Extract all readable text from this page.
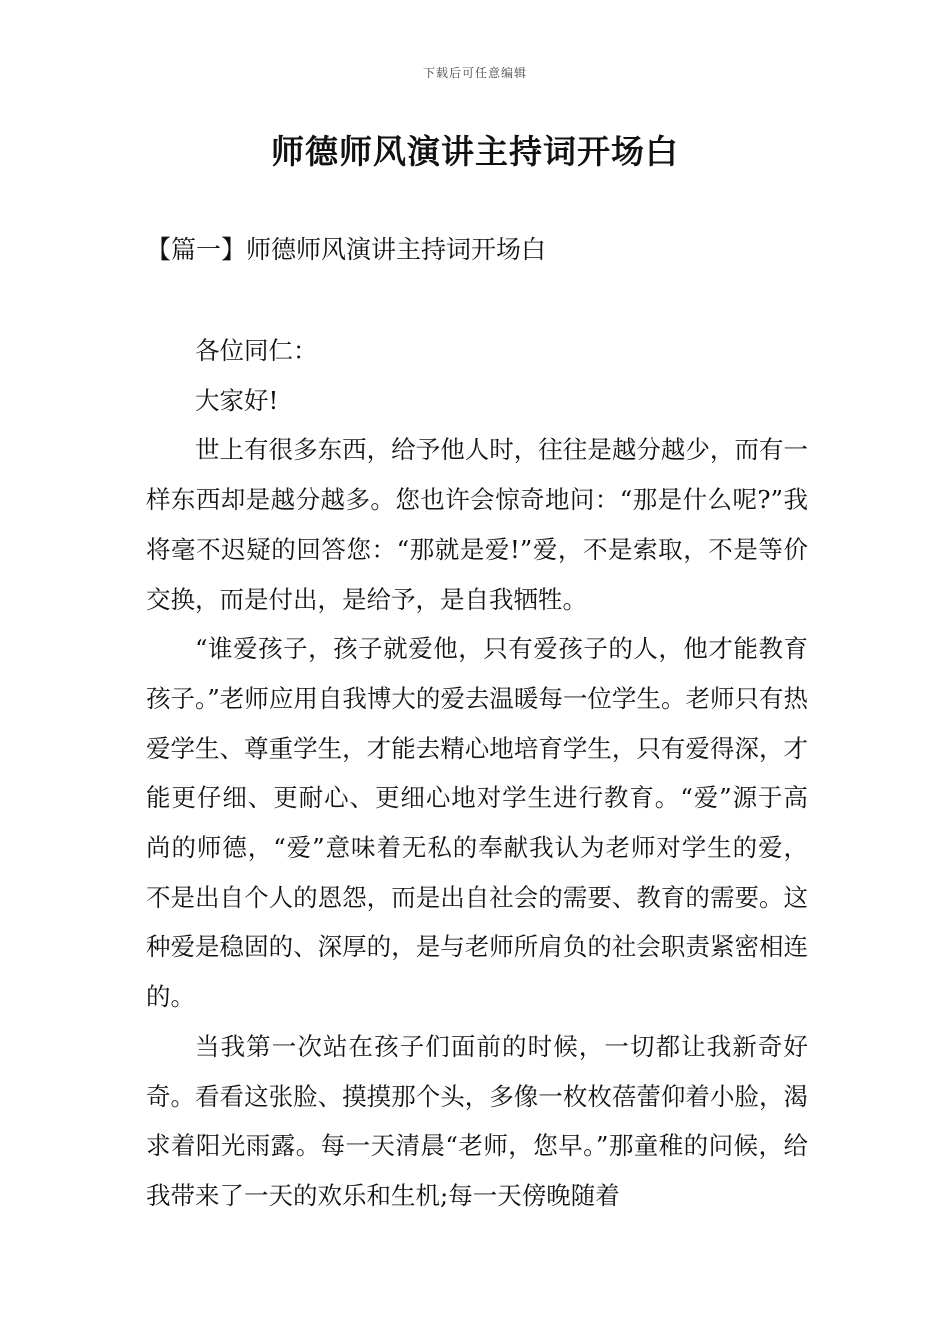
下载后可任意编辑
师德师风演讲主持词开场白
【篇一】师德师风演讲主持词开场白

各位同仁：

大家好!

世上有很多东西，给予他人时，往往是越分越少，而有一样东西却是越分越多。您也许会惊奇地问：“那是什么呢?”我将毫不迟疑的回答您：“那就是爱!”爱，不是索取，不是等价交换，而是付出，是给予，是自我牺牲。

“谁爱孩子，孩子就爱他，只有爱孩子的人，他才能教育孩子。”老师应用自我博大的爱去温暖每一位学生。老师只有热爱学生、尊重学生，才能去精心地培育学生，只有爱得深，才能更仔细、更耐心、更细心地对学生进行教育。“爱”源于高尚的师德，“爱”意味着无私的奉献我认为老师对学生的爱，不是出自个人的恩怨，而是出自社会的需要、教育的需要。这种爱是稳固的、深厚的，是与老师所肩负的社会职责紧密相连的。

当我第一次站在孩子们面前的时候，一切都让我新奇好奇。看看这张脸、摸摸那个头，多像一枚枚蓓蕾仰着小脸，渴求着阳光雨露。每一天清晨“老师，您早。”那童稚的问候，给我带来了一天的欢乐和生机;每一天傍晚随着
